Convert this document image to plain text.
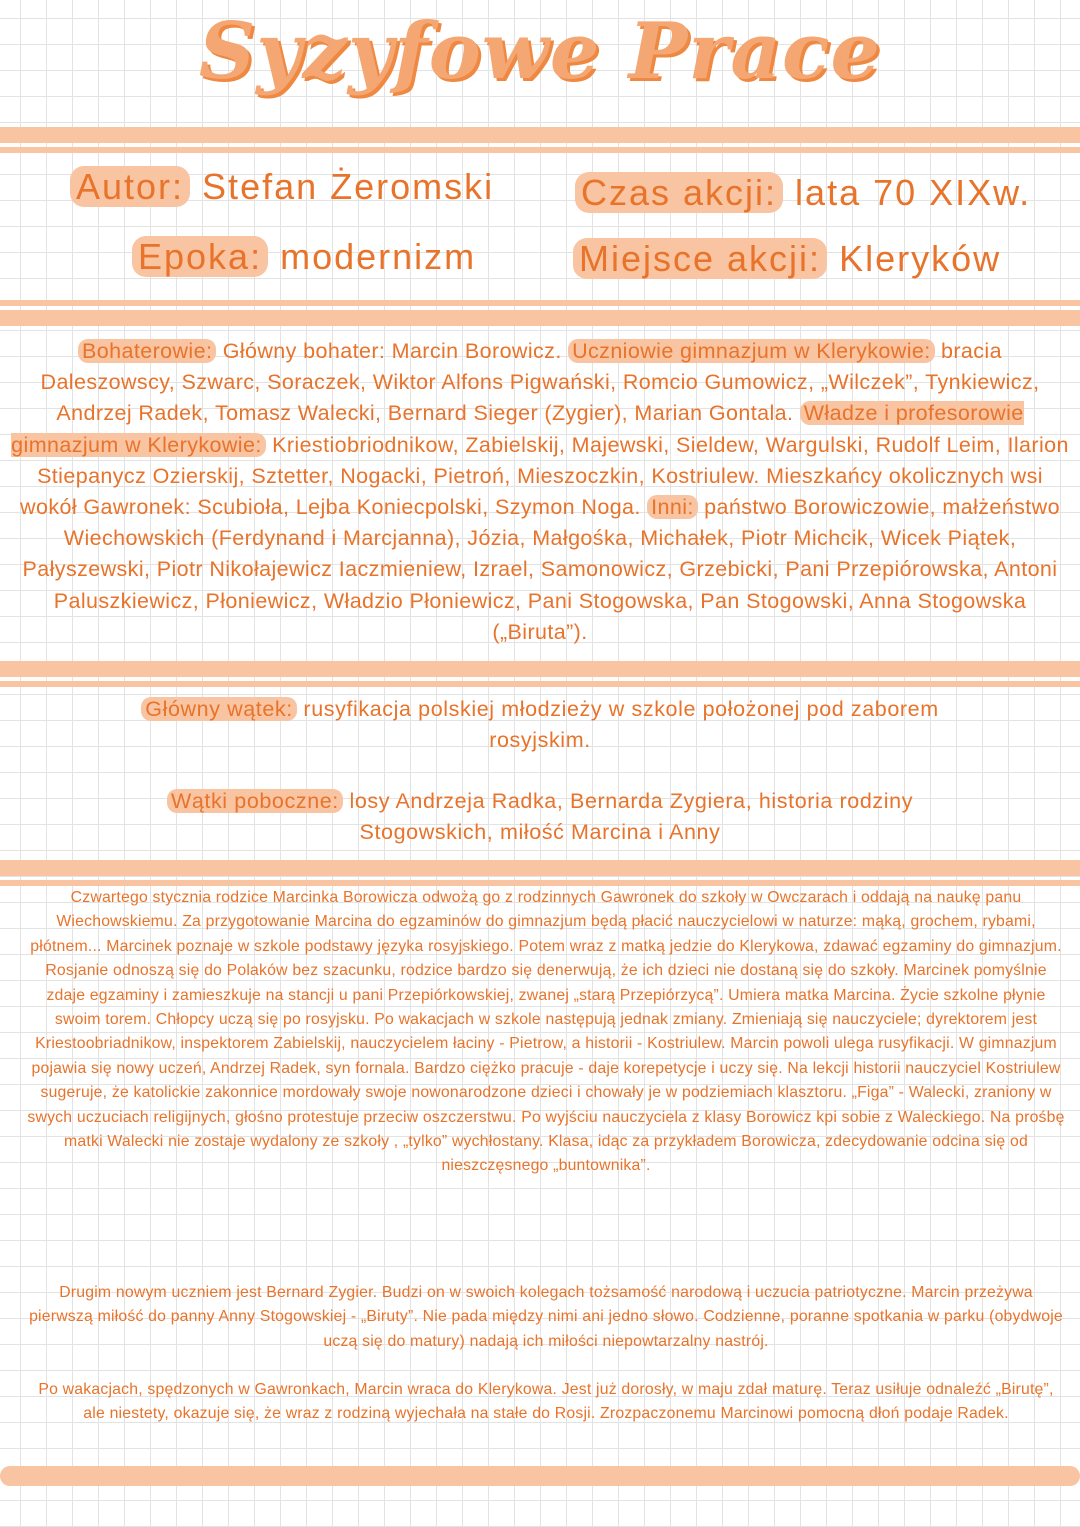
Syzyfowe Prace
Autor: Stefan Żeromski Czas akcji: lata 70 XIXw.
Epoka: modernizm	Miejsce akcji: Kleryków
Bohaterowie: Główny bohater: Marcin Borowicz. Uczniowie gimnazjum w Klerykowie: bracia Daleszowscy, Szwarc, Soraczek, Wiktor Alfons Pigwański, Romcio Gumowicz, „Wilczek”, Tynkiewicz, Andrzej Radek, Tomasz Walecki, Bernard Sieger (Zygier), Marian Gontala. Władze i profesorowie gimnazjum w Klerykowie: Kriestiobriodnikow, Zabielskij, Majewski, Sieldew, Wargulski, Rudolf Leim, Ilarion Stiepanycz Ozierskij, Sztetter, Nogacki, Pietroń, Mieszoczkin, Kostriulew. Mieszkańcy okolicznych wsi wokół Gawronek: Scubioła, Lejba Koniecpolski, Szymon Noga. Inni: państwo Borowiczowie, małżeństwo Wiechowskich (Ferdynand i Marcjanna), Józia, Małgośka, Michałek, Piotr Michcik, Wicek Piątek, Pałyszewski, Piotr Nikołajewicz Iaczmieniew, Izrael, Samonowicz, Grzebicki, Pani Przepiórowska, Antoni Paluszkiewicz, Płoniewicz, Władzio Płoniewicz, Pani Stogowska, Pan Stogowski, Anna Stogowska („Biruta”).
Główny wątek: rusyfikacja polskiej młodzieży w szkole położonej pod zaborem rosyjskim.
Wątki poboczne: losy Andrzeja Radka, Bernarda Zygiera, historia rodziny Stogowskich, miłość Marcina i Anny
Czwartego stycznia rodzice Marcinka Borowicza odwożą go z rodzinnych Gawronek do szkoły w Owczarach i oddają na naukę panu Wiechowskiemu. Za przygotowanie Marcina do egzaminów do gimnazjum będą płacić nauczycielowi w naturze: mąką, grochem, rybami, płótnem... Marcinek poznaje w szkole podstawy języka rosyjskiego. Potem wraz z matką jedzie do Klerykowa, zdawać egzaminy do gimnazjum. Rosjanie odnoszą się do Polaków bez szacunku, rodzice bardzo się denerwują, że ich dzieci nie dostaną się do szkoły. Marcinek pomyślnie zdaje egzaminy i zamieszkuje na stancji u pani Przepiórkowskiej, zwanej „starą Przepiórzycą”. Umiera matka Marcina. Życie szkolne płynie swoim torem. Chłopcy uczą się po rosyjsku. Po wakacjach w szkole następują jednak zmiany. Zmieniają się nauczyciele; dyrektorem jest Kriestoobriadnikow, inspektorem Zabielskij, nauczycielem łaciny - Pietrow, a historii - Kostriulew. Marcin powoli ulega rusyfikacji. W gimnazjum pojawia się nowy uczeń, Andrzej Radek, syn fornala. Bardzo ciężko pracuje - daje korepetycje i uczy się. Na lekcji historii nauczyciel Kostriulew sugeruje, że katolickie zakonnice mordowały swoje nowonarodzone dzieci i chowały je w podziemiach klasztoru. „Figa” - Walecki, zraniony w swych uczuciach religijnych, głośno protestuje przeciw oszczerstwu. Po wyjściu nauczyciela z klasy Borowicz kpi sobie z Waleckiego. Na prośbę matki Walecki nie zostaje wydalony ze szkoły , „tylko” wychłostany. Klasa, idąc za przykładem Borowicza, zdecydowanie odcina się od nieszczęsnego „buntownika”.
Drugim nowym uczniem jest Bernard Zygier. Budzi on w swoich kolegach tożsamość narodową i uczucia patriotyczne. Marcin przeżywa pierwszą miłość do panny Anny Stogowskiej - „Biruty”. Nie pada między nimi ani jedno słowo. Codzienne, poranne spotkania w parku (obydwoje uczą się do matury) nadają ich miłości niepowtarzalny nastrój.
Po wakacjach, spędzonych w Gawronkach, Marcin wraca do Klerykowa. Jest już dorosły, w maju zdał maturę. Teraz usiłuje odnaleźć „Birutę”, ale niestety, okazuje się, że wraz z rodziną wyjechała na stałe do Rosji. Zrozpaczonemu Marcinowi pomocną dłoń podaje Radek.
